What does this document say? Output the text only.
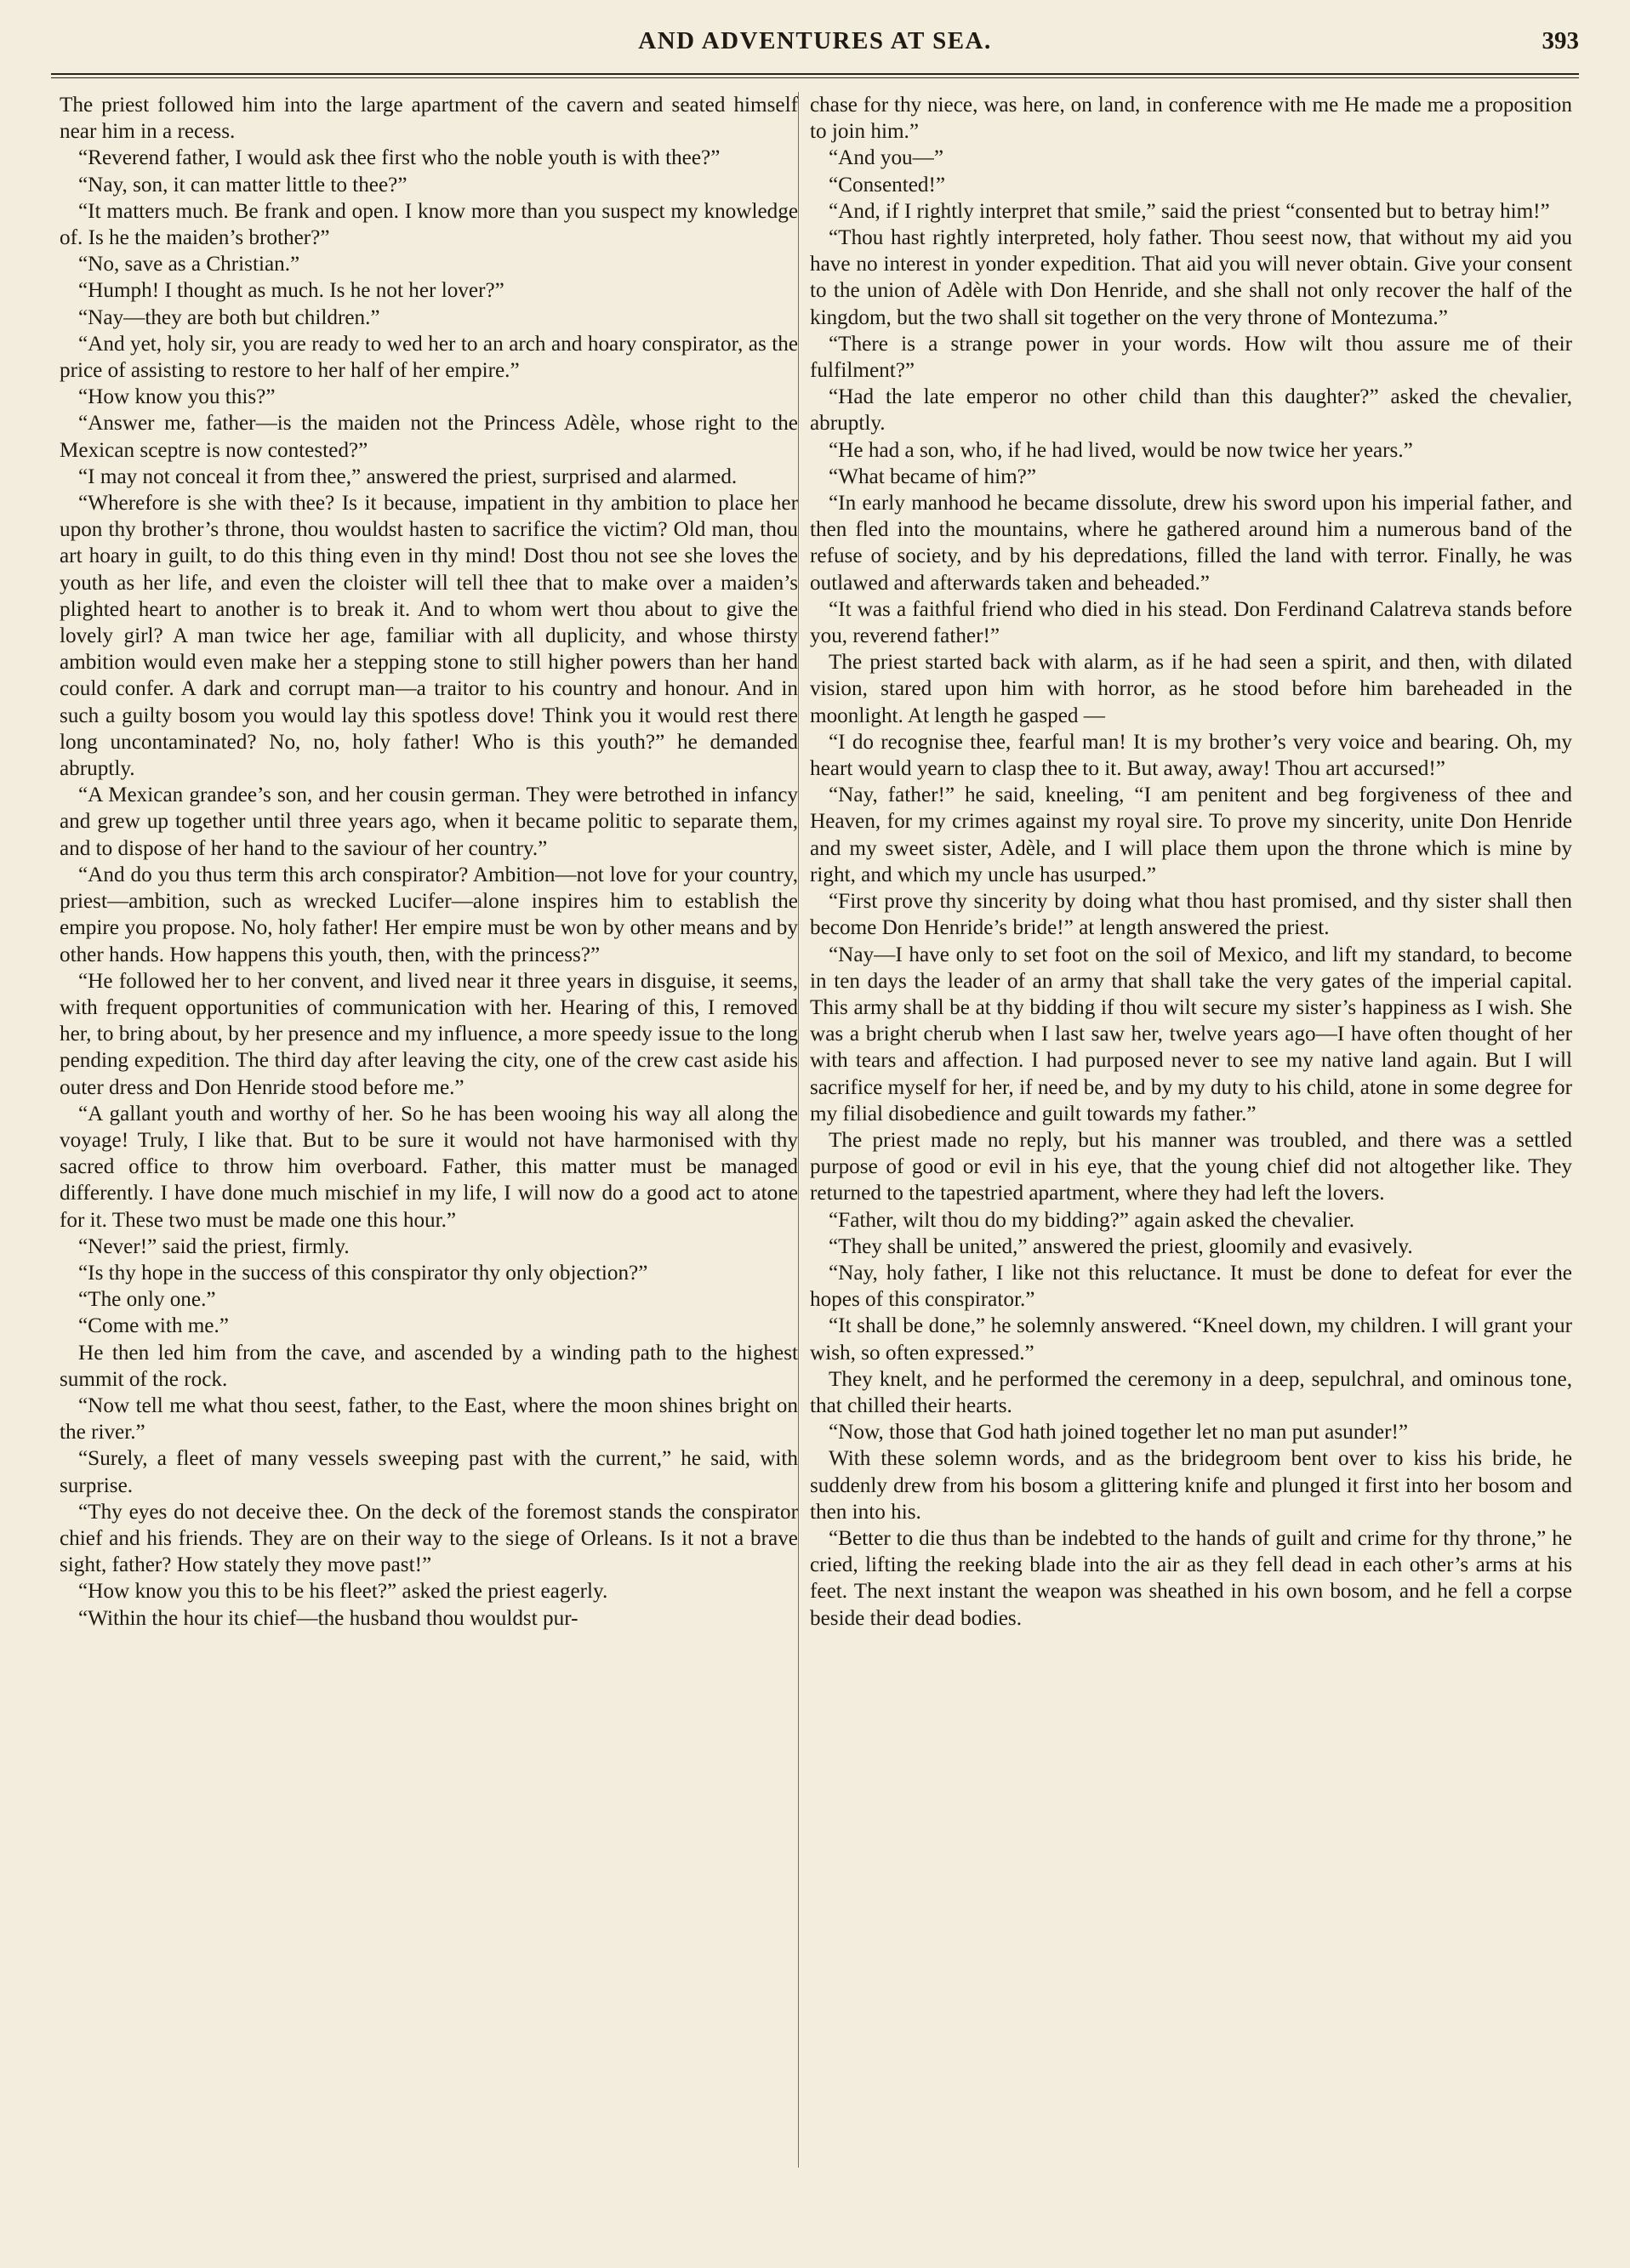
AND ADVENTURES AT SEA.	393

The priest followed him into the large apartment of the cavern and seated himself near him in a recess.

“Reverend father, I would ask thee first who the noble youth is with thee?”

“Nay, son, it can matter little to thee?”

“It matters much. Be frank and open. I know more than you suspect my knowledge of. Is he the maiden’s brother?”

“No, save as a Christian.”

“Humph! I thought as much. Is he not her lover?”

“Nay—they are both but children.”

“And yet, holy sir, you are ready to wed her to an arch and hoary conspirator, as the price of assisting to restore to her half of her empire.”

“How know you this?”

“Answer me, father—is the maiden not the Princess Adèle, whose right to the Mexican sceptre is now contested?”

“I may not conceal it from thee,” answered the priest, surprised and alarmed.

“Wherefore is she with thee? Is it because, impatient in thy ambition to place her upon thy brother’s throne, thou wouldst hasten to sacrifice the victim? Old man, thou art hoary in guilt, to do this thing even in thy mind! Dost thou not see she loves the youth as her life, and even the cloister will tell thee that to make over a maiden’s plighted heart to another is to break it. And to whom wert thou about to give the lovely girl? A man twice her age, familiar with all duplicity, and whose thirsty ambition would even make her a stepping stone to still higher powers than her hand could confer. A dark and corrupt man—a traitor to his country and honour. And in such a guilty bosom you would lay this spotless dove! Think you it would rest there long uncontaminated? No, no, holy father! Who is this youth?” he demanded abruptly.

“A Mexican grandee’s son, and her cousin german. They were betrothed in infancy and grew up together until three years ago, when it became politic to separate them, and to dispose of her hand to the saviour of her country.”

“And do you thus term this arch conspirator? Ambition—not love for your country, priest—ambition, such as wrecked Lucifer—alone inspires him to establish the empire you propose. No, holy father! Her empire must be won by other means and by other hands. How happens this youth, then, with the princess?”

“He followed her to her convent, and lived near it three years in disguise, it seems, with frequent opportunities of communication with her. Hearing of this, I removed her, to bring about, by her presence and my influence, a more speedy issue to the long pending expedition. The third day after leaving the city, one of the crew cast aside his outer dress and Don Henride stood before me.”

“A gallant youth and worthy of her. So he has been wooing his way all along the voyage! Truly, I like that. But to be sure it would not have harmonised with thy sacred office to throw him overboard. Father, this matter must be managed differently. I have done much mischief in my life, I will now do a good act to atone for it. These two must be made one this hour.”

“Never!” said the priest, firmly.

“Is thy hope in the success of this conspirator thy only objection?”

“The only one.”

“Come with me.”

He then led him from the cave, and ascended by a winding path to the highest summit of the rock.

“Now tell me what thou seest, father, to the East, where the moon shines bright on the river.”

“Surely, a fleet of many vessels sweeping past with the current,” he said, with surprise.

“Thy eyes do not deceive thee. On the deck of the foremost stands the conspirator chief and his friends. They are on their way to the siege of Orleans. Is it not a brave sight, father? How stately they move past!”

“How know you this to be his fleet?” asked the priest eagerly.

“Within the hour its chief—the husband thou wouldst pur-

chase for thy niece, was here, on land, in conference with me He made me a proposition to join him.”

“And you—”

“Consented!”

“And, if I rightly interpret that smile,” said the priest “consented but to betray him!”

“Thou hast rightly interpreted, holy father. Thou seest now, that without my aid you have no interest in yonder expedition. That aid you will never obtain. Give your consent to the union of Adèle with Don Henride, and she shall not only recover the half of the kingdom, but the two shall sit together on the very throne of Montezuma.”

“There is a strange power in your words. How wilt thou assure me of their fulfilment?”

“Had the late emperor no other child than this daughter?” asked the chevalier, abruptly.

“He had a son, who, if he had lived, would be now twice her years.”

“What became of him?”

“In early manhood he became dissolute, drew his sword upon his imperial father, and then fled into the mountains, where he gathered around him a numerous band of the refuse of society, and by his depredations, filled the land with terror. Finally, he was outlawed and afterwards taken and beheaded.”

“It was a faithful friend who died in his stead. Don Ferdinand Calatreva stands before you, reverend father!”

The priest started back with alarm, as if he had seen a spirit, and then, with dilated vision, stared upon him with horror, as he stood before him bareheaded in the moonlight. At length he gasped —

“I do recognise thee, fearful man! It is my brother’s very voice and bearing. Oh, my heart would yearn to clasp thee to it. But away, away! Thou art accursed!”

“Nay, father!” he said, kneeling, “I am penitent and beg forgiveness of thee and Heaven, for my crimes against my royal sire. To prove my sincerity, unite Don Henride and my sweet sister, Adèle, and I will place them upon the throne which is mine by right, and which my uncle has usurped.”

“First prove thy sincerity by doing what thou hast promised, and thy sister shall then become Don Henride’s bride!” at length answered the priest.

“Nay—I have only to set foot on the soil of Mexico, and lift my standard, to become in ten days the leader of an army that shall take the very gates of the imperial capital. This army shall be at thy bidding if thou wilt secure my sister’s happiness as I wish. She was a bright cherub when I last saw her, twelve years ago—I have often thought of her with tears and affection. I had purposed never to see my native land again. But I will sacrifice myself for her, if need be, and by my duty to his child, atone in some degree for my filial disobedience and guilt towards my father.”

The priest made no reply, but his manner was troubled, and there was a settled purpose of good or evil in his eye, that the young chief did not altogether like. They returned to the tapestried apartment, where they had left the lovers.

“Father, wilt thou do my bidding?” again asked the chevalier.

“They shall be united,” answered the priest, gloomily and evasively.

“Nay, holy father, I like not this reluctance. It must be done to defeat for ever the hopes of this conspirator.”

“It shall be done,” he solemnly answered. “Kneel down, my children. I will grant your wish, so often expressed.”

They knelt, and he performed the ceremony in a deep, sepulchral, and ominous tone, that chilled their hearts.

“Now, those that God hath joined together let no man put asunder!”

With these solemn words, and as the bridegroom bent over to kiss his bride, he suddenly drew from his bosom a glittering knife and plunged it first into her bosom and then into his.

“Better to die thus than be indebted to the hands of guilt and crime for thy throne,” he cried, lifting the reeking blade into the air as they fell dead in each other’s arms at his feet. The next instant the weapon was sheathed in his own bosom, and he fell a corpse beside their dead bodies.
